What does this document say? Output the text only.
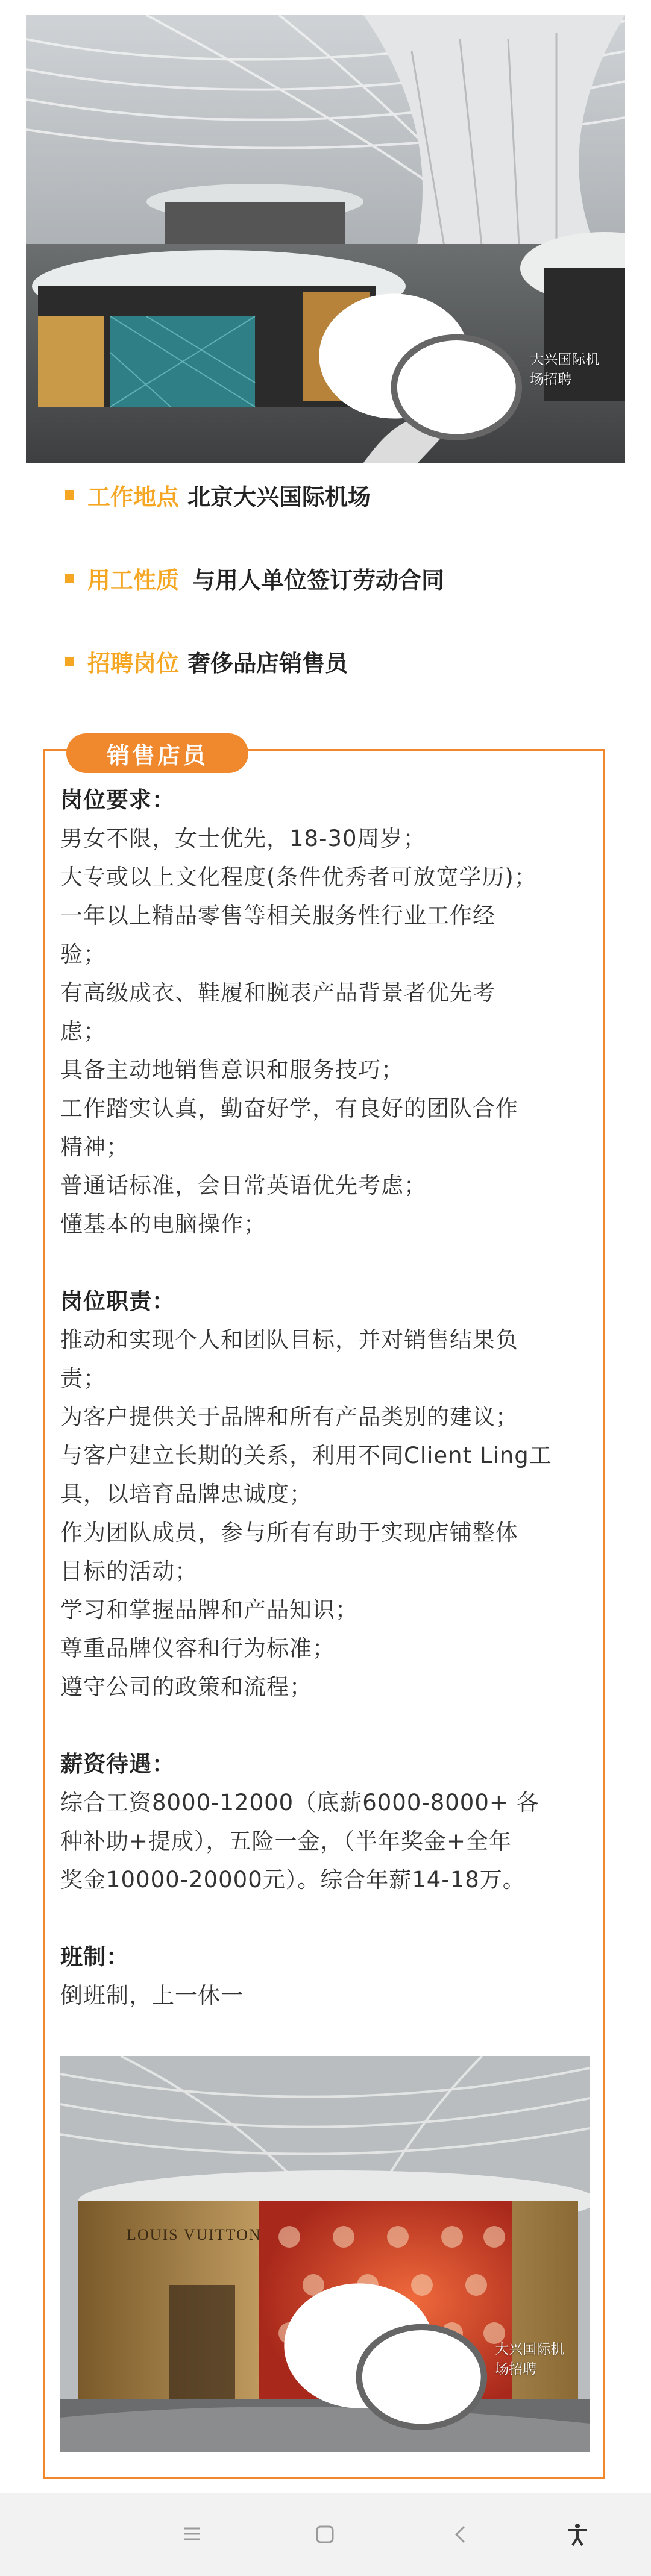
大兴国际机场招聘
工作地点 北京大兴国际机场
用工性质 与用人单位签订劳动合同
招聘岗位 奢侈品店销售员
销售店员
岗位要求：
男女不限，女士优先，18-30周岁；
大专或以上文化程度(条件优秀者可放宽学历)；
一年以上精品零售等相关服务性行业工作经
验；
有高级成衣、鞋履和腕表产品背景者优先考
虑；
具备主动地销售意识和服务技巧；
工作踏实认真，勤奋好学，有良好的团队合作
精神；
普通话标准，会日常英语优先考虑；
懂基本的电脑操作；
岗位职责：
推动和实现个人和团队目标，并对销售结果负
责；
为客户提供关于品牌和所有产品类别的建议；
与客户建立长期的关系，利用不同Client Ling工
具，以培育品牌忠诚度；
作为团队成员，参与所有有助于实现店铺整体
目标的活动；
学习和掌握品牌和产品知识；
尊重品牌仪容和行为标准；
遵守公司的政策和流程；
薪资待遇：
综合工资8000-12000（底薪6000-8000+ 各
种补助+提成），五险一金，（半年奖金+全年
奖金10000-20000元）。综合年薪14-18万。
班制：
倒班制，上一休一
LOUIS VUITTON
大兴国际机场招聘
